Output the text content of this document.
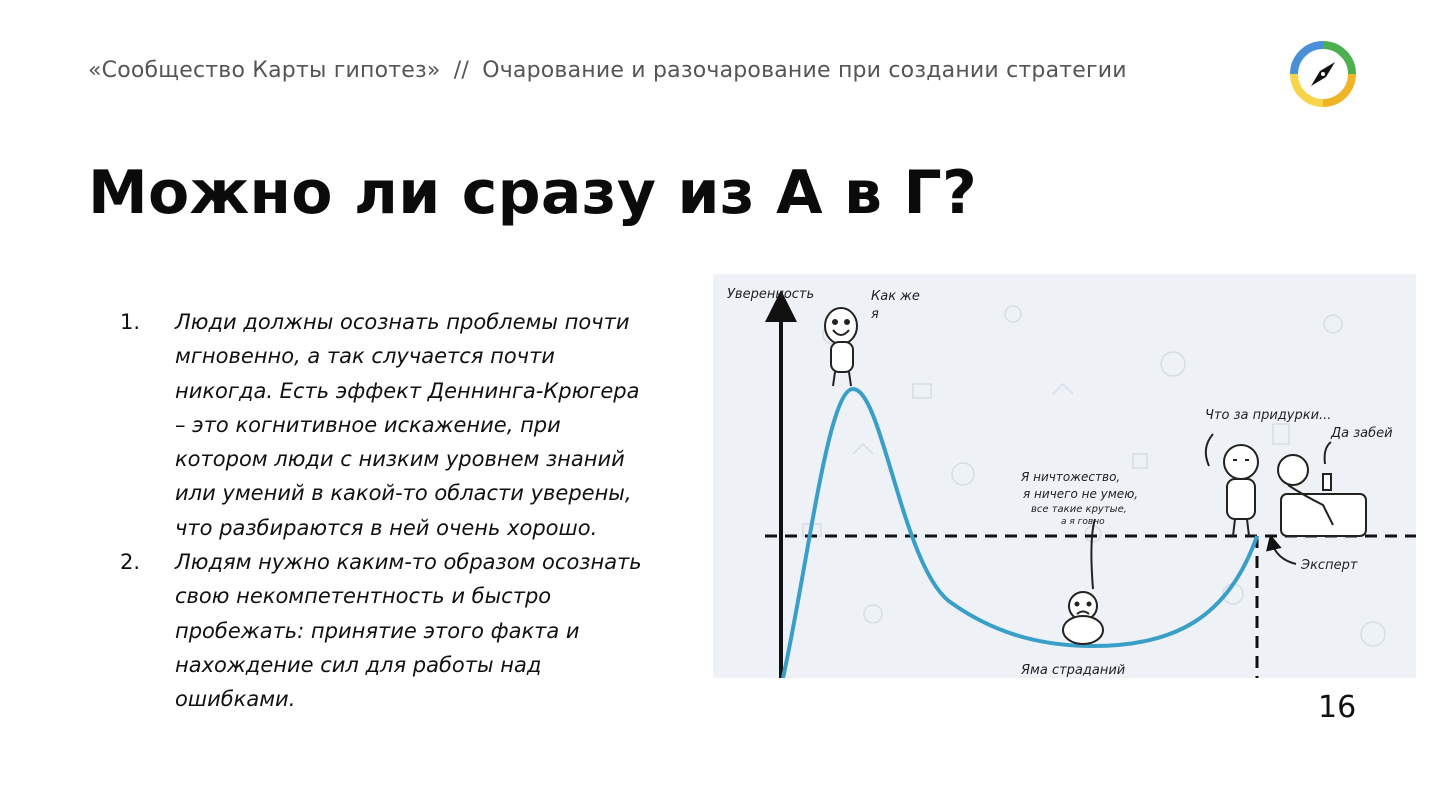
«Сообщество Карты гипотез» // Очарование и разочарование при создании стратегии
Можно ли сразу из А в Г?
1.	Люди должны осознать проблемы почти мгновенно, а так случается почти никогда. Есть эффект Деннинга-Крюгера – это когнитивное искажение, при котором люди с низким уровнем знаний или умений в какой-то области уверены, что разбираются в ней очень хорошо.
2.	Людям нужно каким-то образом осознать свою некомпетентность и быстро пробежать: принятие этого факта и нахождение сил для работы над ошибками.
Уверенность	Как же
я
Я ничтожество,
я ничего не умею,
все такие крутые,
а я говно
Яма страданий
Что за придурки...
Да забей
Эксперт
16
